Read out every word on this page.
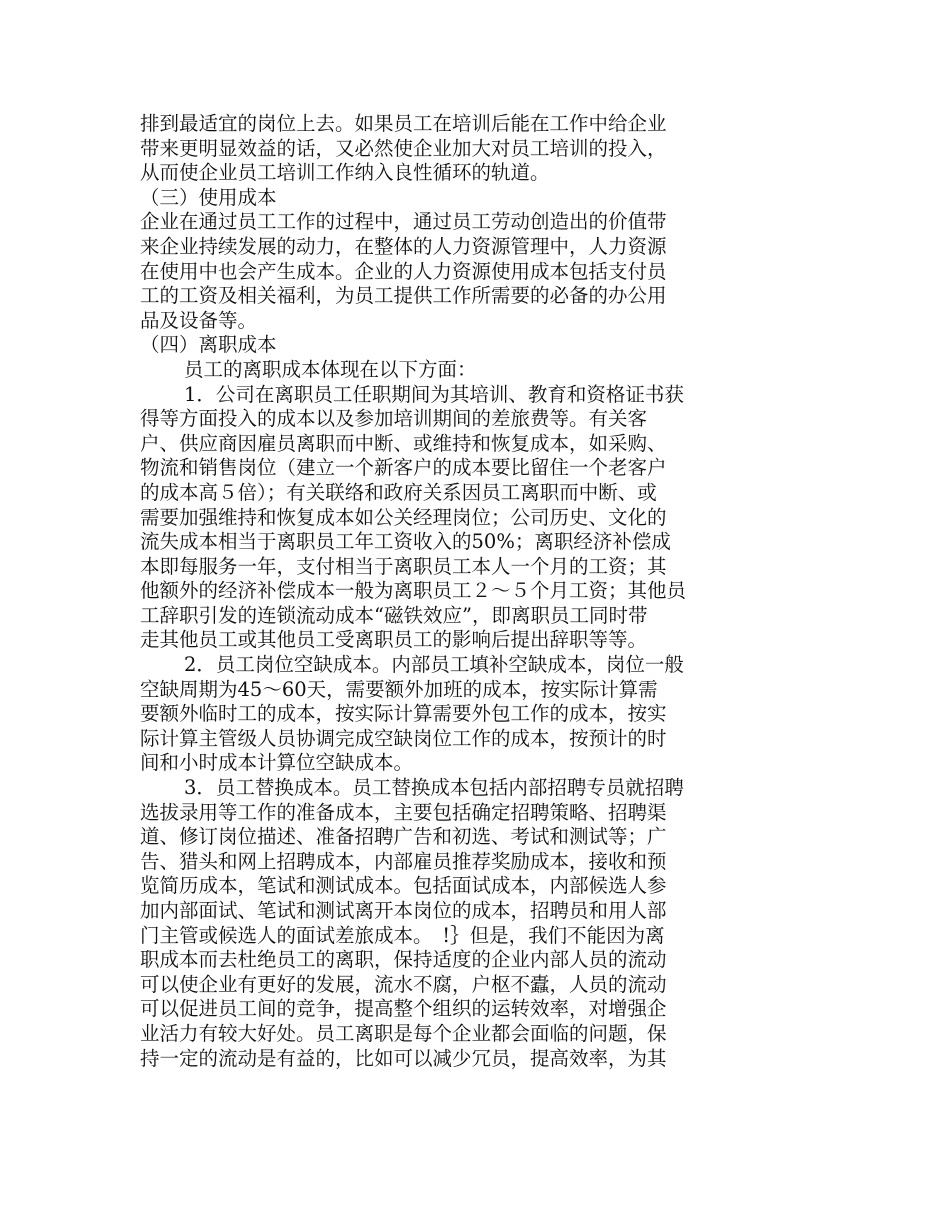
排到最适宜的岗位上去。如果员工在培训后能在工作中给企业
带来更明显效益的话，又必然使企业加大对员工培训的投入，
从而使企业员工培训工作纳入良性循环的轨道。
（三）使用成本
企业在通过员工工作的过程中，通过员工劳动创造出的价值带
来企业持续发展的动力，在整体的人力资源管理中，人力资源
在使用中也会产生成本。企业的人力资源使用成本包括支付员
工的工资及相关福利，为员工提供工作所需要的必备的办公用
品及设备等。
（四）离职成本
员工的离职成本体现在以下方面：
1．公司在离职员工任职期间为其培训、教育和资格证书获
得等方面投入的成本以及参加培训期间的差旅费等。有关客
户、供应商因雇员离职而中断、或维持和恢复成本，如采购、
物流和销售岗位（建立一个新客户的成本要比留住一个老客户
的成本高５倍）；有关联络和政府关系因员工离职而中断、或
需要加强维持和恢复成本如公关经理岗位；公司历史、文化的
流失成本相当于离职员工年工资收入的50%；离职经济补偿成
本即每服务一年，支付相当于离职员工本人一个月的工资；其
他额外的经济补偿成本一般为离职员工２～５个月工资；其他员
工辞职引发的连锁流动成本“磁铁效应”，即离职员工同时带
走其他员工或其他员工受离职员工的影响后提出辞职等等。
2．员工岗位空缺成本。内部员工填补空缺成本，岗位一般
空缺周期为45～60天，需要额外加班的成本，按实际计算需
要额外临时工的成本，按实际计算需要外包工作的成本，按实
际计算主管级人员协调完成空缺岗位工作的成本，按预计的时
间和小时成本计算位空缺成本。
3．员工替换成本。员工替换成本包括内部招聘专员就招聘
选拔录用等工作的准备成本，主要包括确定招聘策略、招聘渠
道、修订岗位描述、准备招聘广告和初选、考试和测试等；广
告、猎头和网上招聘成本，内部雇员推荐奖励成本，接收和预
览简历成本，笔试和测试成本。包括面试成本，内部候选人参
加内部面试、笔试和测试离开本岗位的成本，招聘员和用人部
门主管或候选人的面试差旅成本。　!｝但是，我们不能因为离
职成本而去杜绝员工的离职，保持适度的企业内部人员的流动
可以使企业有更好的发展，流水不腐，户枢不蠹，人员的流动
可以促进员工间的竞争，提高整个组织的运转效率，对增强企
业活力有较大好处。员工离职是每个企业都会面临的问题，保
持一定的流动是有益的，比如可以减少冗员，提高效率，为其
